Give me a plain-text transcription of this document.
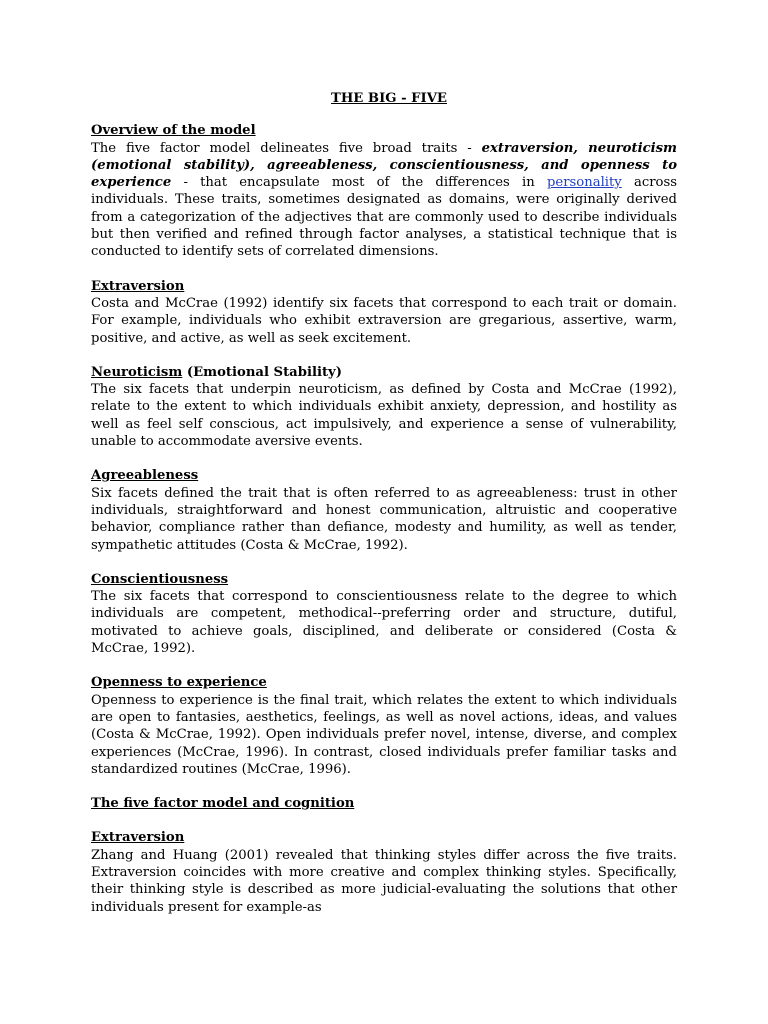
THE BIG - FIVE
Overview of the model

The five factor model delineates five broad traits - extraversion, neuroticism (emotional stability), agreeableness, conscientiousness, and openness to experience - that encapsulate most of the differences in personality across individuals. These traits, sometimes designated as domains, were originally derived from a categorization of the adjectives that are commonly used to describe individuals but then verified and refined through factor analyses, a statistical technique that is conducted to identify sets of correlated dimensions.

Extraversion

Costa and McCrae (1992) identify six facets that correspond to each trait or domain. For example, individuals who exhibit extraversion are gregarious, assertive, warm, positive, and active, as well as seek excitement.

Neuroticism (Emotional Stability)

The six facets that underpin neuroticism, as defined by Costa and McCrae (1992), relate to the extent to which individuals exhibit anxiety, depression, and hostility as well as feel self conscious, act impulsively, and experience a sense of vulnerability, unable to accommodate aversive events.

Agreeableness

Six facets defined the trait that is often referred to as agreeableness: trust in other individuals, straightforward and honest communication, altruistic and cooperative behavior, compliance rather than defiance, modesty and humility, as well as tender, sympathetic attitudes (Costa & McCrae, 1992).

Conscientiousness

The six facets that correspond to conscientiousness relate to the degree to which individuals are competent, methodical--preferring order and structure, dutiful, motivated to achieve goals, disciplined, and deliberate or considered (Costa & McCrae, 1992).

Openness to experience

Openness to experience is the final trait, which relates the extent to which individuals are open to fantasies, aesthetics, feelings, as well as novel actions, ideas, and values (Costa & McCrae, 1992). Open individuals prefer novel, intense, diverse, and complex experiences (McCrae, 1996). In contrast, closed individuals prefer familiar tasks and standardized routines (McCrae, 1996).

The five factor model and cognition
Extraversion

Zhang and Huang (2001) revealed that thinking styles differ across the five traits. Extraversion coincides with more creative and complex thinking styles. Specifically, their thinking style is described as more judicial-evaluating the solutions that other individuals present for example-as
